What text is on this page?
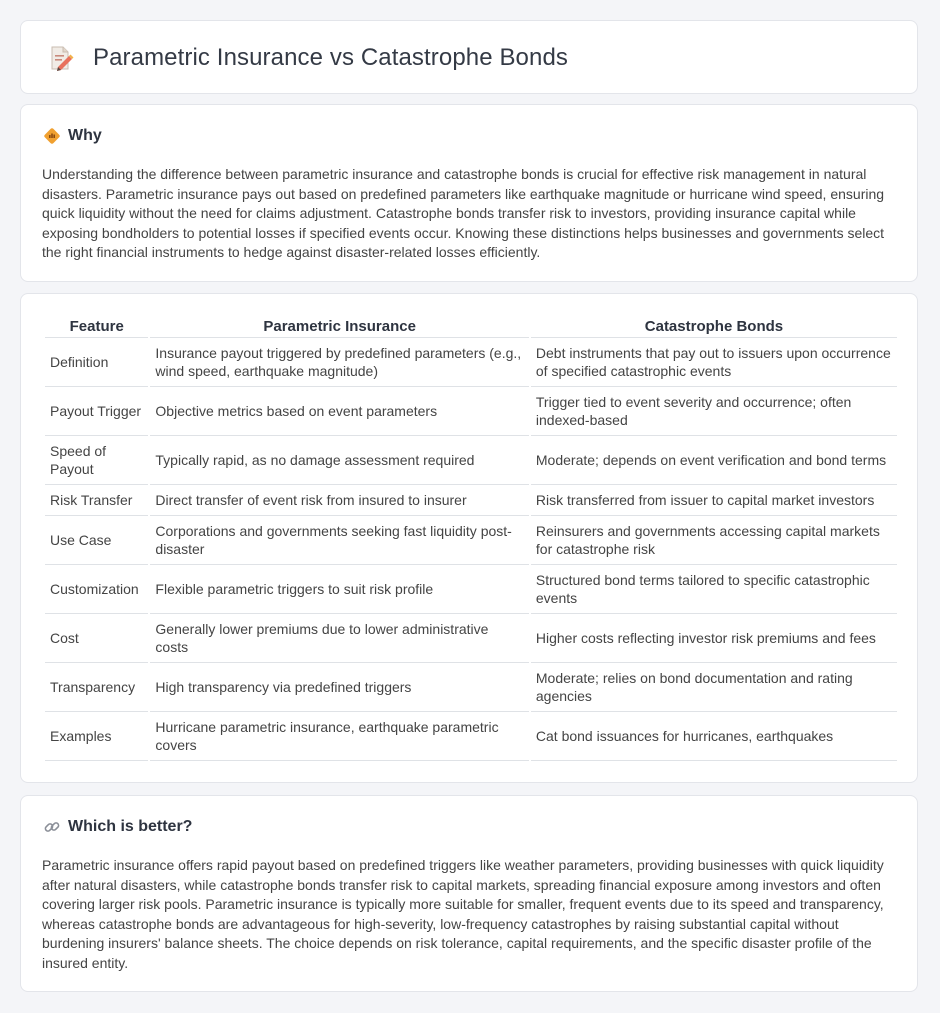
Parametric Insurance vs Catastrophe Bonds
Why

Understanding the difference between parametric insurance and catastrophe bonds is crucial for effective risk management in natural disasters. Parametric insurance pays out based on predefined parameters like earthquake magnitude or hurricane wind speed, ensuring quick liquidity without the need for claims adjustment. Catastrophe bonds transfer risk to investors, providing insurance capital while exposing bondholders to potential losses if specified events occur. Knowing these distinctions helps businesses and governments select the right financial instruments to hedge against disaster-related losses efficiently.

Feature	Parametric Insurance	Catastrophe Bonds
Definition	Insurance payout triggered by predefined parameters (e.g., wind speed, earthquake magnitude)	Debt instruments that pay out to issuers upon occurrence of specified catastrophic events
Payout Trigger	Objective metrics based on event parameters	Trigger tied to event severity and occurrence; often indexed-based
Speed of Payout	Typically rapid, as no damage assessment required	Moderate; depends on event verification and bond terms
Risk Transfer	Direct transfer of event risk from insured to insurer	Risk transferred from issuer to capital market investors
Use Case	Corporations and governments seeking fast liquidity post-disaster	Reinsurers and governments accessing capital markets for catastrophe risk
Customization	Flexible parametric triggers to suit risk profile	Structured bond terms tailored to specific catastrophic events
Cost	Generally lower premiums due to lower administrative costs	Higher costs reflecting investor risk premiums and fees
Transparency	High transparency via predefined triggers	Moderate; relies on bond documentation and rating agencies
Examples	Hurricane parametric insurance, earthquake parametric covers	Cat bond issuances for hurricanes, earthquakes
Which is better?

Parametric insurance offers rapid payout based on predefined triggers like weather parameters, providing businesses with quick liquidity after natural disasters, while catastrophe bonds transfer risk to capital markets, spreading financial exposure among investors and often covering larger risk pools. Parametric insurance is typically more suitable for smaller, frequent events due to its speed and transparency, whereas catastrophe bonds are advantageous for high-severity, low-frequency catastrophes by raising substantial capital without burdening insurers' balance sheets. The choice depends on risk tolerance, capital requirements, and the specific disaster profile of the insured entity.
